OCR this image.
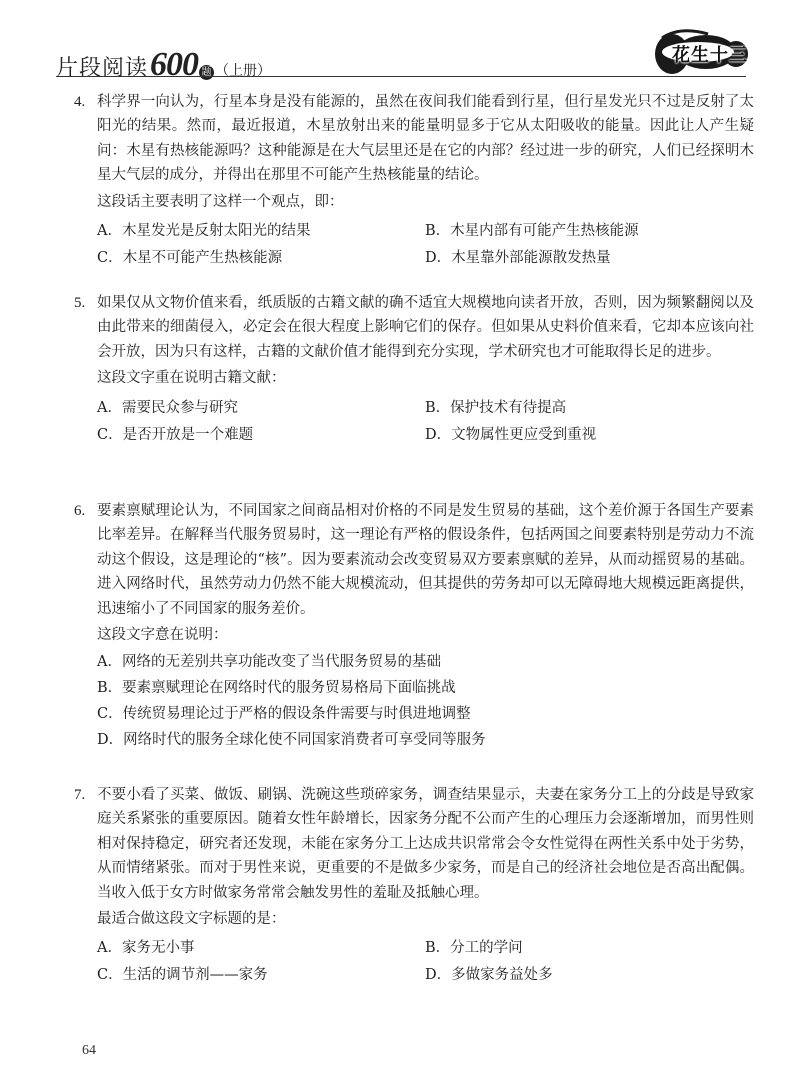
片段阅读 600 题 （上册）
花生十三
4. 科学界一向认为，行星本身是没有能源的，虽然在夜间我们能看到行星，但行星发光只不过是反射了太阳光的结果。然而，最近报道，木星放射出来的能量明显多于它从太阳吸收的能量。因此让人产生疑问：木星有热核能源吗？这种能源是在大气层里还是在它的内部？经过进一步的研究，人们已经探明木星大气层的成分，并得出在那里不可能产生热核能量的结论。
这段话主要表明了这样一个观点，即：
A．木星发光是反射太阳光的结果	B．木星内部有可能产生热核能源
C．木星不可能产生热核能源	D．木星靠外部能源散发热量
5. 如果仅从文物价值来看，纸质版的古籍文献的确不适宜大规模地向读者开放，否则，因为频繁翻阅以及由此带来的细菌侵入，必定会在很大程度上影响它们的保存。但如果从史料价值来看，它却本应该向社会开放，因为只有这样，古籍的文献价值才能得到充分实现，学术研究也才可能取得长足的进步。
这段文字重在说明古籍文献：
A．需要民众参与研究	B．保护技术有待提高
C．是否开放是一个难题	D．文物属性更应受到重视
6. 要素禀赋理论认为，不同国家之间商品相对价格的不同是发生贸易的基础，这个差价源于各国生产要素比率差异。在解释当代服务贸易时，这一理论有严格的假设条件，包括两国之间要素特别是劳动力不流动这个假设，这是理论的“核”。因为要素流动会改变贸易双方要素禀赋的差异，从而动摇贸易的基础。进入网络时代，虽然劳动力仍然不能大规模流动，但其提供的劳务却可以无障碍地大规模远距离提供，迅速缩小了不同国家的服务差价。
这段文字意在说明：
A．网络的无差别共享功能改变了当代服务贸易的基础
B．要素禀赋理论在网络时代的服务贸易格局下面临挑战
C．传统贸易理论过于严格的假设条件需要与时俱进地调整
D．网络时代的服务全球化使不同国家消费者可享受同等服务
7. 不要小看了买菜、做饭、刷锅、洗碗这些琐碎家务，调查结果显示，夫妻在家务分工上的分歧是导致家庭关系紧张的重要原因。随着女性年龄增长，因家务分配不公而产生的心理压力会逐渐增加，而男性则相对保持稳定，研究者还发现，未能在家务分工上达成共识常常会令女性觉得在两性关系中处于劣势，从而情绪紧张。而对于男性来说，更重要的不是做多少家务，而是自己的经济社会地位是否高出配偶。当收入低于女方时做家务常常会触发男性的羞耻及抵触心理。
最适合做这段文字标题的是：
A．家务无小事	B．分工的学问
C．生活的调节剂——家务	D．多做家务益处多
64
